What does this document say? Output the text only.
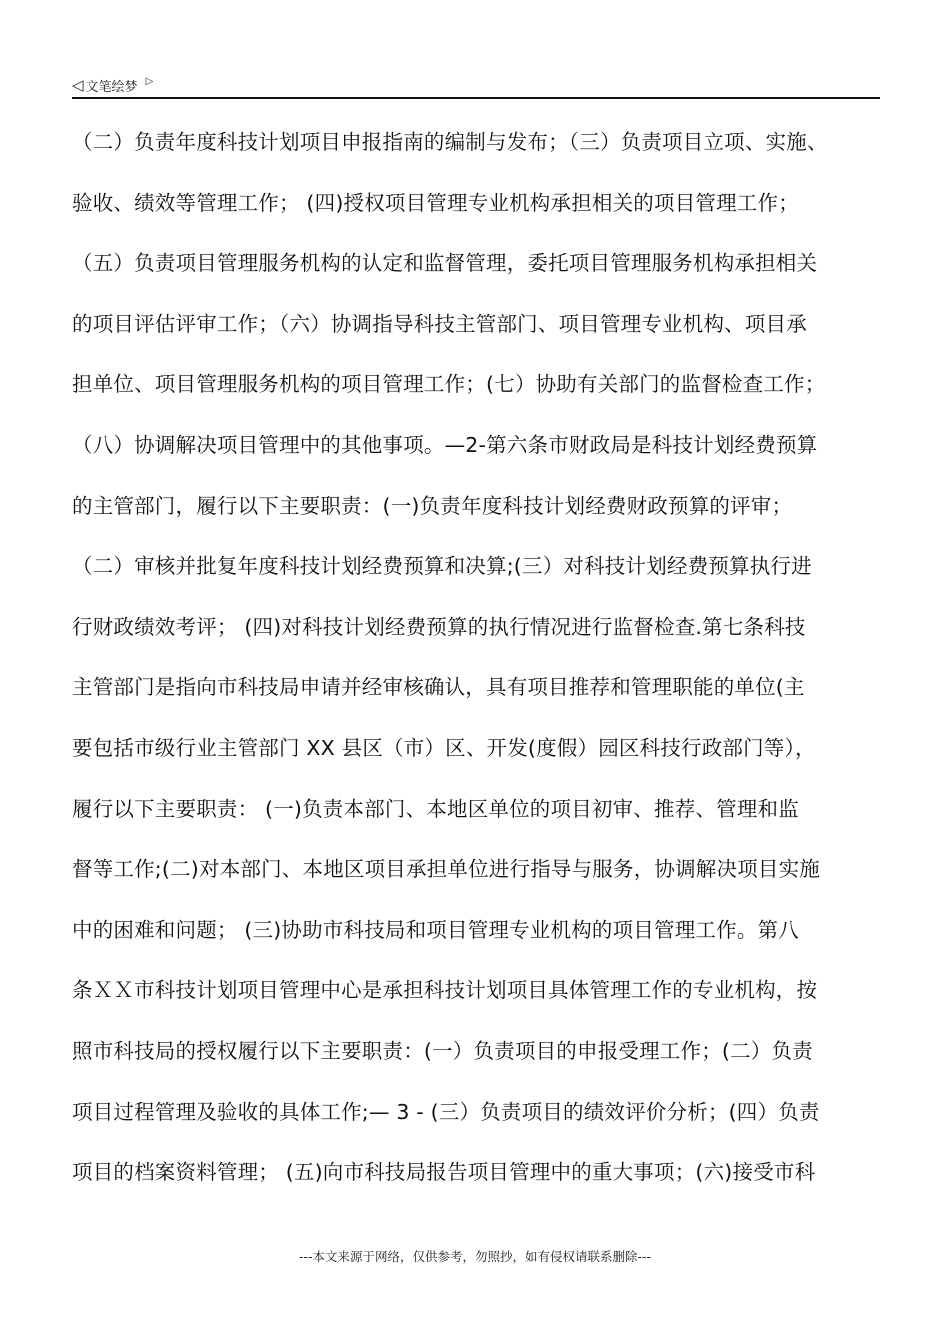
◁ 文笔绘梦 ▷
（二）负责年度科技计划项目申报指南的编制与发布；（三）负责项目立项、实施、
验收、绩效等管理工作； (四)授权项目管理专业机构承担相关的项目管理工作；
（五）负责项目管理服务机构的认定和监督管理，委托项目管理服务机构承担相关
的项目评估评审工作；（六）协调指导科技主管部门、项目管理专业机构、项目承
担单位、项目管理服务机构的项目管理工作；(七）协助有关部门的监督检查工作；
（八）协调解决项目管理中的其他事项。—2-第六条市财政局是科技计划经费预算
的主管部门，履行以下主要职责：(一)负责年度科技计划经费财政预算的评审；
（二）审核并批复年度科技计划经费预算和决算;(三）对科技计划经费预算执行进
行财政绩效考评； (四)对科技计划经费预算的执行情况进行监督检查.第七条科技
主管部门是指向市科技局申请并经审核确认，具有项目推荐和管理职能的单位(主
要包括市级行业主管部门 XX 县区（市）区、开发(度假）园区科技行政部门等），
履行以下主要职责： (一)负责本部门、本地区单位的项目初审、推荐、管理和监
督等工作;(二)对本部门、本地区项目承担单位进行指导与服务，协调解决项目实施
中的困难和问题； (三)协助市科技局和项目管理专业机构的项目管理工作。第八
条ＸＸ市科技计划项目管理中心是承担科技计划项目具体管理工作的专业机构，按
照市科技局的授权履行以下主要职责：(一）负责项目的申报受理工作；(二）负责
项目过程管理及验收的具体工作;— 3 - (三）负责项目的绩效评价分析；(四）负责
项目的档案资料管理； (五)向市科技局报告项目管理中的重大事项；(六)接受市科
---本文来源于网络，仅供参考，勿照抄，如有侵权请联系删除---
